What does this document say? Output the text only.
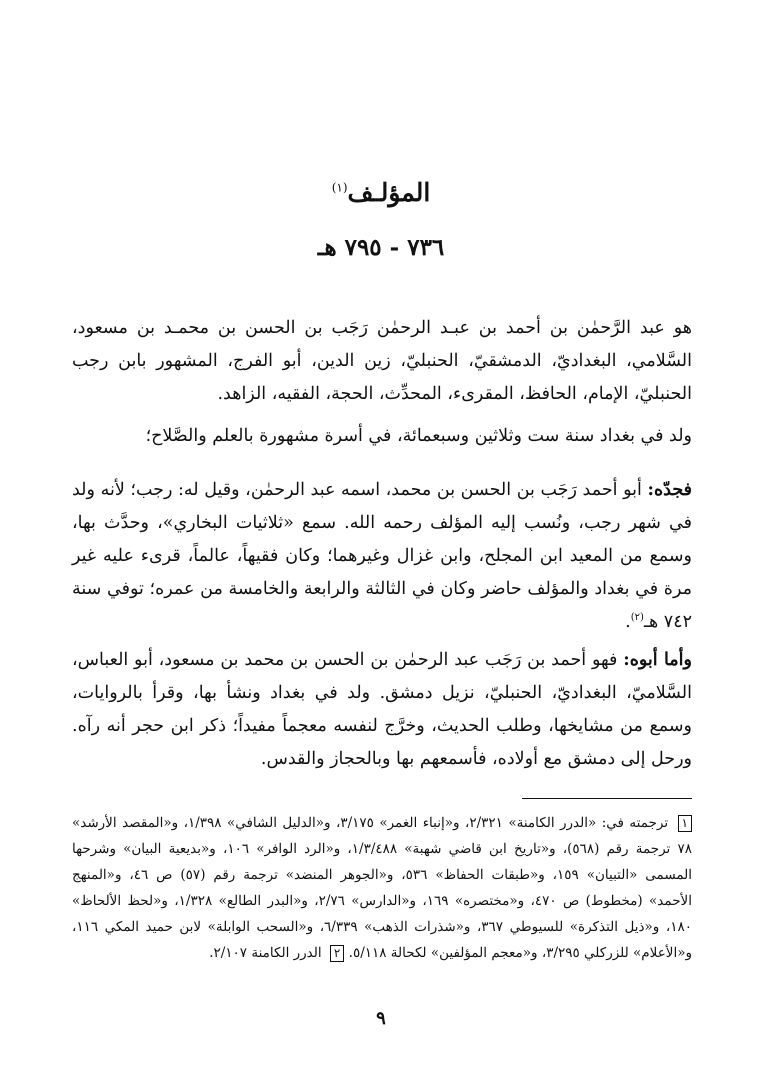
المؤلـف$^{(١)}$
٧٣٦ - ٧٩٥ هـ
هو عبد الرَّحمٰن بن أحمد بن عبـد الرحمٰن رَجَب بن الحسن بن محمـد بن مسعود، السَّلامي، البغداديّ، الدمشقيّ، الحنبليّ، زين الدين، أبو الفرج، المشهور بابن رجب الحنبليّ، الإمام، الحافظ، المقرىء، المحدِّث، الحجة، الفقيه، الزاهد.
ولد في بغداد سنة ست وثلاثين وسبعمائة، في أسرة مشهورة بالعلم والصَّلاح؛
فجدّه: أبو أحمد رَجَب بن الحسن بن محمد، اسمه عبد الرحمٰن، وقيل له: رجب؛ لأنه ولد في شهر رجب، ونُسب إليه المؤلف رحمه الله. سمع «ثلاثيات البخاري»، وحدَّث بها، وسمع من المعيد ابن المجلح، وابن غزال وغيرهما؛ وكان فقيهاً، عالماً، قرىء عليه غير مرة في بغداد والمؤلف حاضر وكان في الثالثة والرابعة والخامسة من عمره؛ توفي سنة ٧٤٢ هـ$^{(٢)}$.
وأما أبوه: فهو أحمد بن رَجَب عبد الرحمٰن بن الحسن بن محمد بن مسعود، أبو العباس، السَّلاميّ، البغداديّ، الحنبليّ، نزيل دمشق. ولد في بغداد ونشأ بها، وقرأ بالروايات، وسمع من مشايخها، وطلب الحديث، وخرَّج لنفسه معجماً مفيداً؛ ذكر ابن حجر أنه رآه. ورحل إلى دمشق مع أولاده، فأسمعهم بها وبالحجاز والقدس.
١ ترجمته في: «الدرر الكامنة» ٢/٣٢١، و«إنباء الغمر» ٣/١٧٥، و«الدليل الشافي» ١/٣٩٨، و«المقصد الأرشد» ٧٨ ترجمة رقم (٥٦٨)، و«تاريخ ابن قاضي شهبة» ١/٣/٤٨٨، و«الرد الوافر» ١٠٦، و«بديعية البيان» وشرحها المسمى «التبيان» ١٥٩، و«طبقات الحفاظ» ٥٣٦، و«الجوهر المنضد» ترجمة رقم (٥٧) ص ٤٦، و«المنهج الأحمد» (مخطوط) ص ٤٧٠، و«مختصره» ١٦٩، و«الدارس» ٢/٧٦، و«البدر الطالع» ١/٣٢٨، و«لحظ الألحاظ» ١٨٠، و«ذيل التذكرة» للسيوطي ٣٦٧، و«شذرات الذهب» ٦/٣٣٩، و«السحب الوابلة» لابن حميد المكي ١١٦، و«الأعلام» للزركلي ٣/٢٩٥، و«معجم المؤلفين» لكحالة ٥/١١٨. ٢ الدرر الكامنة ٢/١٠٧.
٩
